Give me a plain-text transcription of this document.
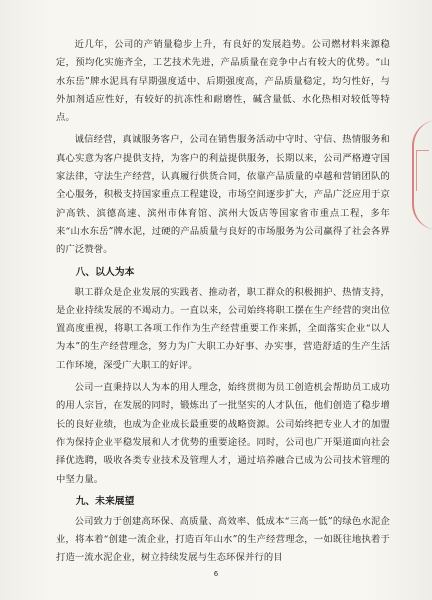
近几年，公司的产销量稳步上升，有良好的发展趋势。公司燃材料来源稳定，预均化实施齐全，工艺技术先进，产品质量在竞争中占有较大的优势。“山水东岳”牌水泥具有早期强度适中、后期强度高，产品质量稳定，均匀性好，与外加剂适应性好，有较好的抗冻性和耐磨性，碱含量低、水化热相对较低等特点。

诚信经营，真诚服务客户，公司在销售服务活动中守时、守信、热情服务和真心实意为客户提供支持，为客户的利益提供服务，长期以来，公司严格遵守国家法律，守法生产经营，认真履行供货合同，依靠产品质量的卓越和营销团队的全心服务，积极支持国家重点工程建设，市场空间逐步扩大，产品广泛应用于京沪高铁、滨德高速、滨州市体育馆、滨州大饭店等国家省市重点工程，多年来“山水东岳”牌水泥，过硬的产品质量与良好的市场服务为公司赢得了社会各界的广泛赞誉。

八、以人为本

职工群众是企业发展的实践者、推动者，职工群众的积极拥护、热情支持，是企业持续发展的不竭动力。一直以来，公司始终将职工摆在生产经营的突出位置高度重视，将职工各项工作作为生产经营重要工作来抓，全面落实企业“以人为本”的生产经营理念，努力为广大职工办好事、办实事，营造舒适的生产生活工作环境，深受广大职工的好评。

公司一直秉持以人为本的用人理念，始终贯彻为员工创造机会帮助员工成功的用人宗旨，在发展的同时，锻炼出了一批坚实的人才队伍，他们创造了稳步增长的良好业绩，也成为企业成长最重要的战略资源。公司始终把专业人才的加盟作为保持企业平稳发展和人才优势的重要途径。同时，公司也广开渠道面向社会择优选聘，吸收各类专业技术及管理人才，通过培养融合已成为公司技术管理的中坚力量。

九、未来展望

公司致力于创建高环保、高质量、高效率、低成本“三高一低”的绿色水泥企业，将本着“创建一流企业，打造百年山水”的生产经营理念，一如既往地执着于打造一流水泥企业，树立持续发展与生态环保并行的目

6
